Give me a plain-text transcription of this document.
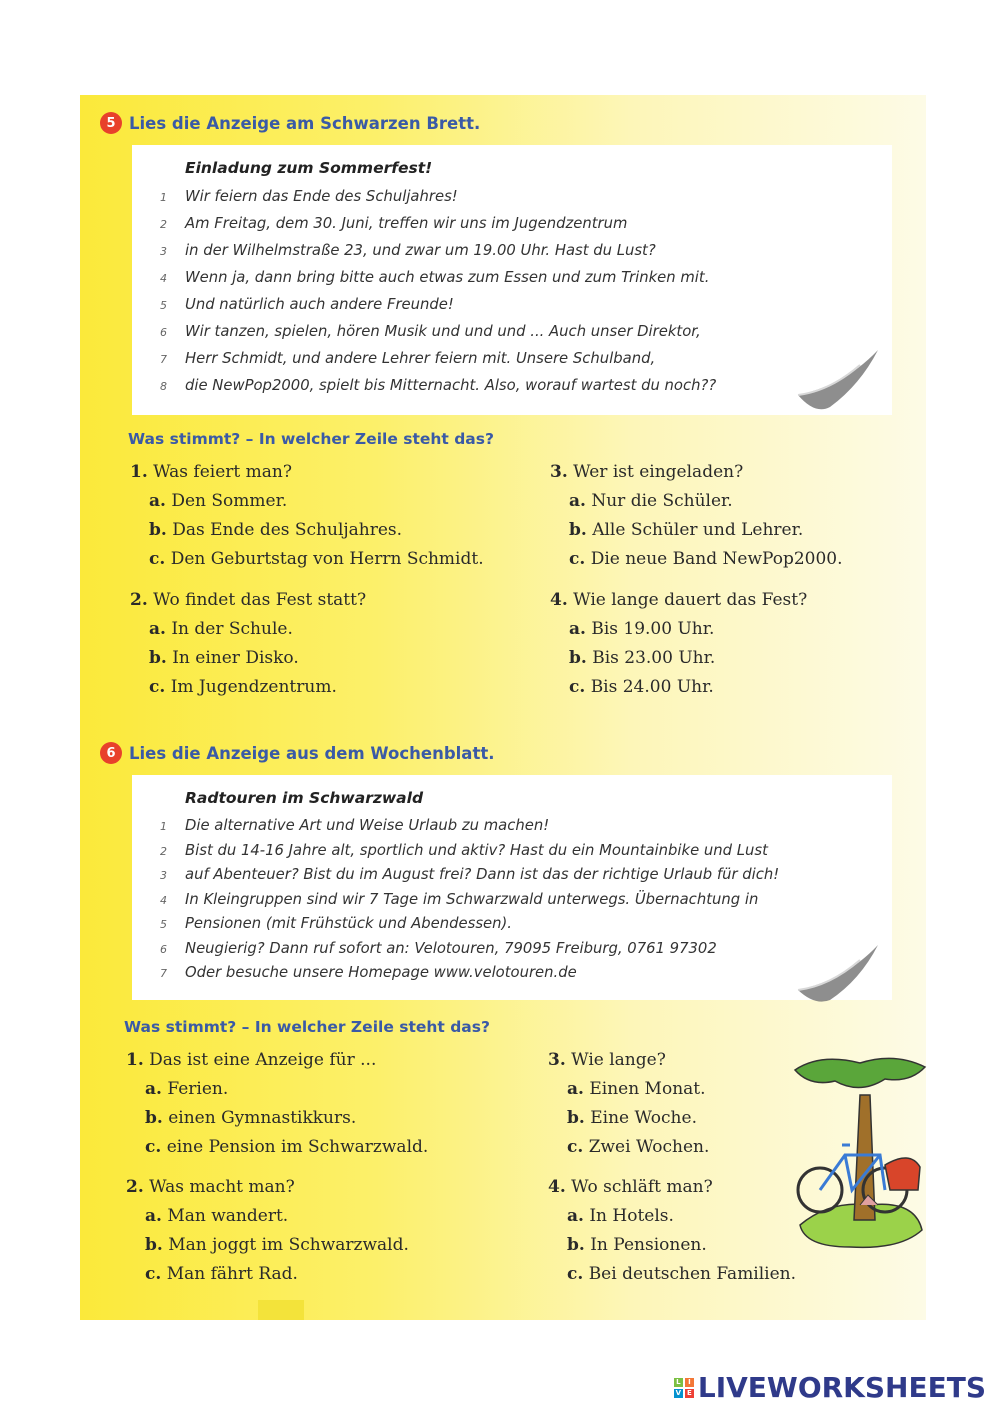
5 Lies die Anzeige am Schwarzen Brett.
Einladung zum Sommerfest!
1	Wir feiern das Ende des Schuljahres!
2	Am Freitag, dem 30. Juni, treffen wir uns im Jugendzentrum
3	in der Wilhelmstraße 23, und zwar um 19.00 Uhr. Hast du Lust?
4	Wenn ja, dann bring bitte auch etwas zum Essen und zum Trinken mit.
5	Und natürlich auch andere Freunde!
6	Wir tanzen, spielen, hören Musik und und und ... Auch unser Direktor,
7	Herr Schmidt, und andere Lehrer feiern mit. Unsere Schulband,
8	die NewPop2000, spielt bis Mitternacht. Also, worauf wartest du noch??
Was stimmt? – In welcher Zeile steht das?
1. Was feiert man?
a. Den Sommer.
b. Das Ende des Schuljahres.
c. Den Geburtstag von Herrn Schmidt.
2. Wo findet das Fest statt?
a. In der Schule.
b. In einer Disko.
c. Im Jugendzentrum.
3. Wer ist eingeladen?
a. Nur die Schüler.
b. Alle Schüler und Lehrer.
c. Die neue Band NewPop2000.
4. Wie lange dauert das Fest?
a. Bis 19.00 Uhr.
b. Bis 23.00 Uhr.
c. Bis 24.00 Uhr.
6 Lies die Anzeige aus dem Wochenblatt.
Radtouren im Schwarzwald
1	Die alternative Art und Weise Urlaub zu machen!
2	Bist du 14-16 Jahre alt, sportlich und aktiv? Hast du ein Mountainbike und Lust
3	auf Abenteuer? Bist du im August frei? Dann ist das der richtige Urlaub für dich!
4	In Kleingruppen sind wir 7 Tage im Schwarzwald unterwegs. Übernachtung in
5	Pensionen (mit Frühstück und Abendessen).
6	Neugierig? Dann ruf sofort an: Velotouren, 79095 Freiburg, 0761 97302
7	Oder besuche unsere Homepage www.velotouren.de
Was stimmt? – In welcher Zeile steht das?
1. Das ist eine Anzeige für ...
a. Ferien.
b. einen Gymnastikkurs.
c. eine Pension im Schwarzwald.
2. Was macht man?
a. Man wandert.
b. Man joggt im Schwarzwald.
c. Man fährt Rad.
3. Wie lange?
a. Einen Monat.
b. Eine Woche.
c. Zwei Wochen.
4. Wo schläft man?
a. In Hotels.
b. In Pensionen.
c. Bei deutschen Familien.
L	I
V E LIVEWORKSHEETS
